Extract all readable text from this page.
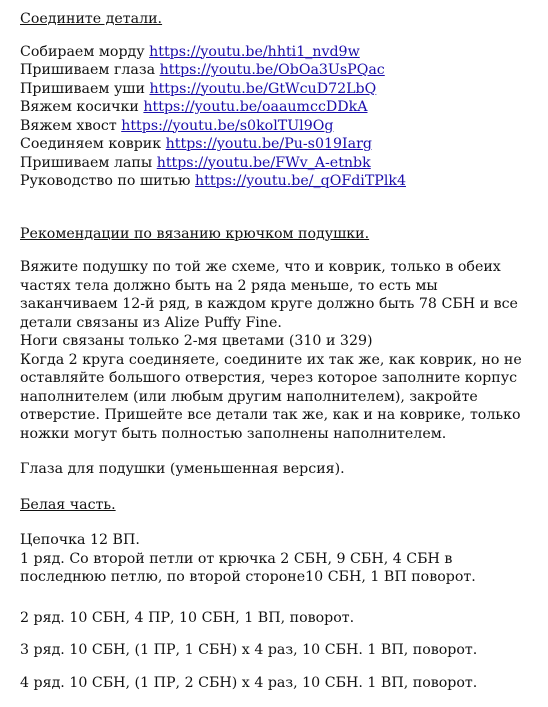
Соедините детали.

Собираем морду https://youtu.be/hhti1_nvd9w
Пришиваем глаза https://youtu.be/ObOa3UsPQac
Пришиваем уши https://youtu.be/GtWcuD72LbQ
Вяжем косички https://youtu.be/oaaumccDDkA
Вяжем хвост https://youtu.be/s0kolTUl9Og
Соединяем коврик https://youtu.be/Pu-s019Iarg
Пришиваем лапы https://youtu.be/FWv_A-etnbk
Руководство по шитью https://youtu.be/_qOFdiTPlk4

Рекомендации по вязанию крючком подушки.

Вяжите подушку по той же схеме, что и коврик, только в обеих
частях тела должно быть на 2 ряда меньше, то есть мы
заканчиваем 12-й ряд, в каждом круге должно быть 78 СБН и все
детали связаны из Alize Puffy Fine.
Ноги связаны только 2-мя цветами (310 и 329)
Когда 2 круга соединяете, соедините их так же, как коврик, но не
оставляйте большого отверстия, через которое заполните корпус
наполнителем (или любым другим наполнителем), закройте
отверстие. Пришейте все детали так же, как и на коврике, только
ножки могут быть полностью заполнены наполнителем.

Глаза для подушки (уменьшенная версия).

Белая часть.

Цепочка 12 ВП.
1 ряд. Со второй петли от крючка 2 СБН, 9 СБН, 4 СБН в
последнюю петлю, по второй стороне10 СБН, 1 ВП поворот.

2 ряд. 10 СБН, 4 ПР, 10 СБН, 1 ВП, поворот.

3 ряд. 10 СБН, (1 ПР, 1 СБН) х 4 раз, 10 СБН. 1 ВП, поворот.

4 ряд. 10 СБН, (1 ПР, 2 СБН) х 4 раз, 10 СБН. 1 ВП, поворот.
